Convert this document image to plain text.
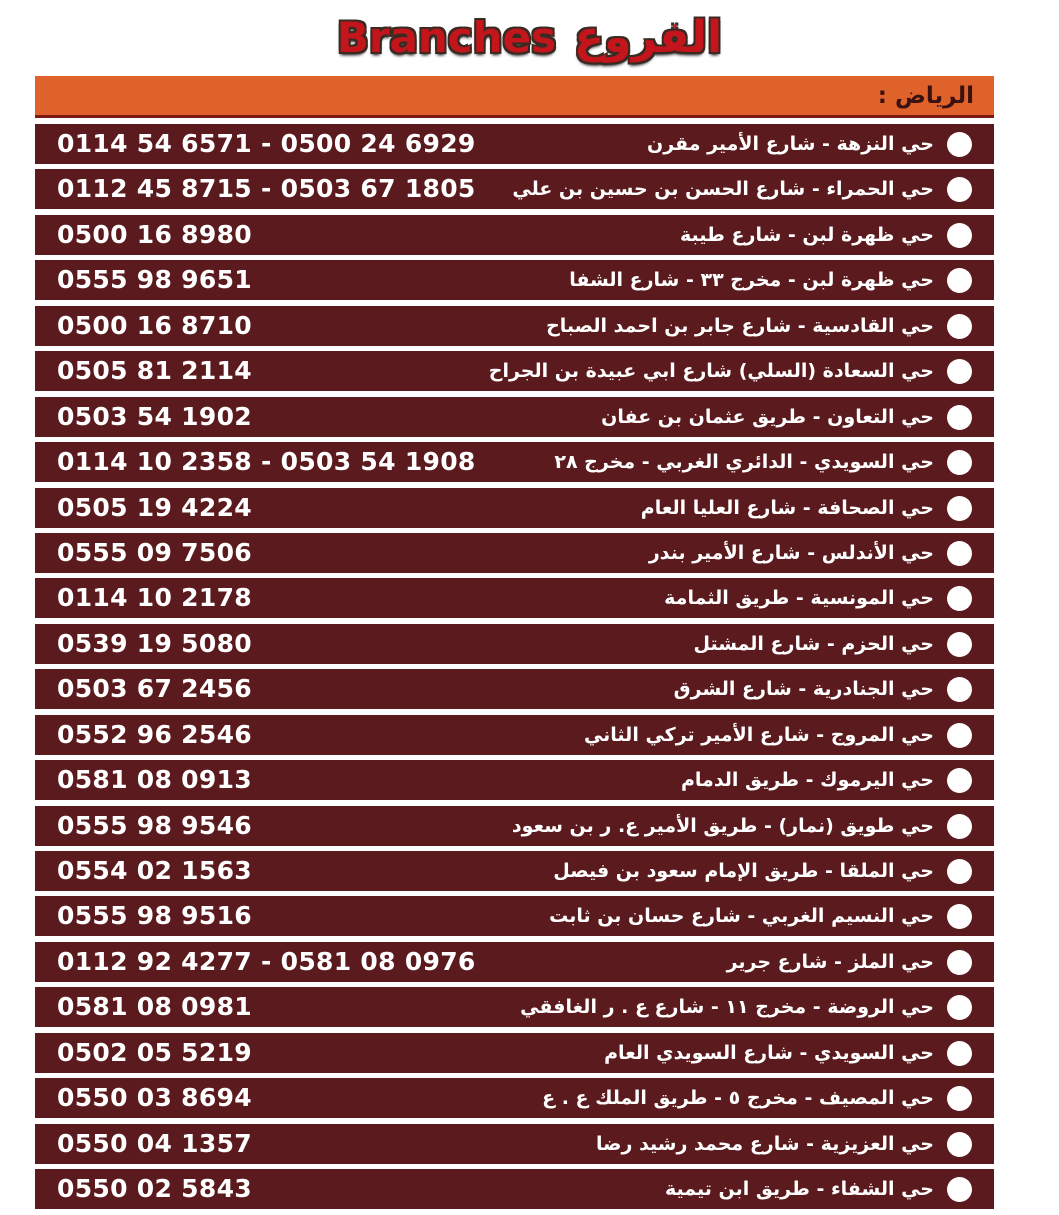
Branches الفروع
الرياض :
حي النزهة - شارع الأمير مقرن
0114 54 6571 - 0500 24 6929
حي الحمراء - شارع الحسن بن حسين بن علي
0112 45 8715 - 0503 67 1805
حي ظهرة لبن - شارع طيبة
0500 16 8980
حي ظهرة لبن - مخرج ٣٣ - شارع الشفا
0555 98 9651
حي القادسية - شارع جابر بن احمد الصباح
0500 16 8710
حي السعادة (السلي) شارع ابي عبيدة بن الجراح
0505 81 2114
حي التعاون - طريق عثمان بن عفان
0503 54 1902
حي السويدي - الدائري الغربي - مخرج ٢٨
0114 10 2358 - 0503 54 1908
حي الصحافة - شارع العليا العام
0505 19 4224
حي الأندلس - شارع الأمير بندر
0555 09 7506
حي المونسية - طريق الثمامة
0114 10 2178
حي الحزم - شارع المشتل
0539 19 5080
حي الجنادرية - شارع الشرق
0503 67 2456
حي المروج - شارع الأمير تركي الثاني
0552 96 2546
حي اليرموك - طريق الدمام
0581 08 0913
حي طويق (نمار) - طريق الأمير ع. ر بن سعود
0555 98 9546
حي الملقا - طريق الإمام سعود بن فيصل
0554 02 1563
حي النسيم الغربي - شارع حسان بن ثابت
0555 98 9516
حي الملز - شارع جرير
0112 92 4277 - 0581 08 0976
حي الروضة - مخرج ١١ - شارع ع . ر الغافقي
0581 08 0981
حي السويدي - شارع السويدي العام
0502 05 5219
حي المصيف - مخرج ٥ - طريق الملك ع . ع
0550 03 8694
حي العزيزية - شارع محمد رشيد رضا
0550 04 1357
حي الشفاء - طريق ابن تيمية
0550 02 5843
